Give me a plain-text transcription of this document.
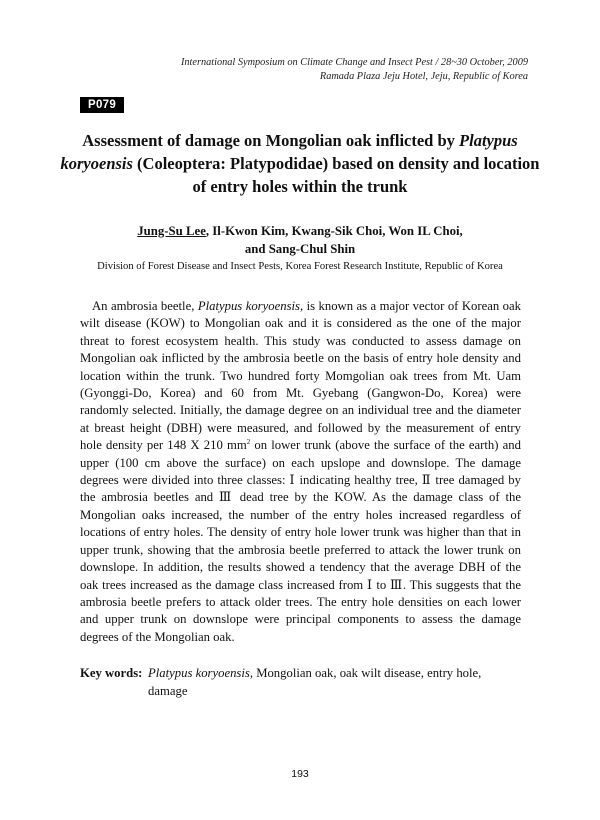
International Symposium on Climate Change and Insect Pest / 28~30 October, 2009
Ramada Plaza Jeju Hotel, Jeju, Republic of Korea
P079
Assessment of damage on Mongolian oak inflicted by Platypus koryoensis (Coleoptera: Platypodidae) based on density and location of entry holes within the trunk
Jung-Su Lee, Il-Kwon Kim, Kwang-Sik Choi, Won IL Choi,
and Sang-Chul Shin
Division of Forest Disease and Insect Pests, Korea Forest Research Institute, Republic of Korea

An ambrosia beetle, Platypus koryoensis, is known as a major vector of Korean oak wilt disease (KOW) to Mongolian oak and it is considered as the one of the major threat to forest ecosystem health. This study was conducted to assess damage on Mongolian oak inflicted by the ambrosia beetle on the basis of entry hole density and location within the trunk. Two hundred forty Momgolian oak trees from Mt. Uam (Gyonggi-Do, Korea) and 60 from Mt. Gyebang (Gangwon-Do, Korea) were randomly selected. Initially, the damage degree on an individual tree and the diameter at breast height (DBH) were measured, and followed by the measurement of entry hole density per 148 X 210 $mm^2$ on lower trunk (above the surface of the earth) and upper (100 cm above the surface) on each upslope and downslope. The damage degrees were divided into three classes: Ⅰ indicating healthy tree, Ⅱ tree damaged by the ambrosia beetles and Ⅲ dead tree by the KOW. As the damage class of the Mongolian oaks increased, the number of the entry holes increased regardless of locations of entry holes. The density of entry hole lower trunk was higher than that in upper trunk, showing that the ambrosia beetle preferred to attack the lower trunk on downslope. In addition, the results showed a tendency that the average DBH of the oak trees increased as the damage class increased from Ⅰ to Ⅲ. This suggests that the ambrosia beetle prefers to attack older trees. The entry hole densities on each lower and upper trunk on downslope were principal components to assess the damage degrees of the Mongolian oak.

Key words: Platypus koryoensis, Mongolian oak, oak wilt disease, entry hole,
damage
193
